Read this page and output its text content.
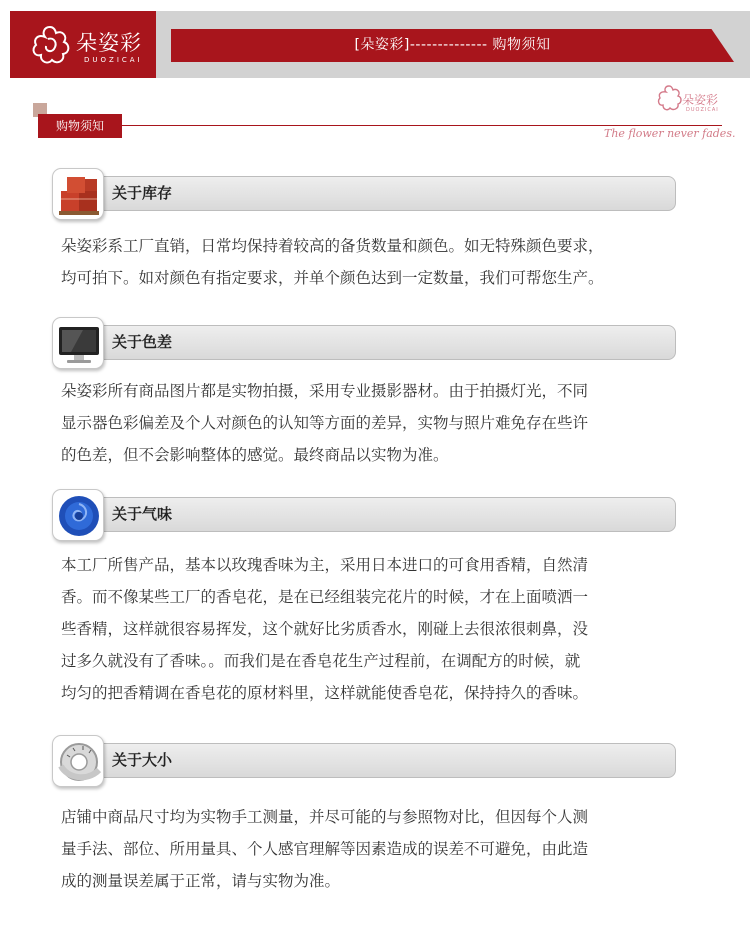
朵姿彩
DUOZICAI
[朵姿彩]-------------- 购物须知
购物须知
朵姿彩
DUOZICAI
The flower never fades.
关于库存
朵姿彩系工厂直销，日常均保持着较高的备货数量和颜色。如无特殊颜色要求，
均可拍下。如对颜色有指定要求，并单个颜色达到一定数量，我们可帮您生产。
关于色差
朵姿彩所有商品图片都是实物拍摄，采用专业摄影器材。由于拍摄灯光，不同
显示器色彩偏差及个人对颜色的认知等方面的差异，实物与照片难免存在些许
的色差，但不会影响整体的感觉。最终商品以实物为准。
关于气味
本工厂所售产品，基本以玫瑰香味为主，采用日本进口的可食用香精，自然清
香。而不像某些工厂的香皂花，是在已经组装完花片的时候，才在上面喷洒一
些香精，这样就很容易挥发，这个就好比劣质香水，刚碰上去很浓很刺鼻，没
过多久就没有了香味。。而我们是在香皂花生产过程前，在调配方的时候，就
均匀的把香精调在香皂花的原材料里，这样就能使香皂花，保持持久的香味。
关于大小
店铺中商品尺寸均为实物手工测量，并尽可能的与参照物对比，但因每个人测
量手法、部位、所用量具、个人感官理解等因素造成的误差不可避免，由此造
成的测量误差属于正常，请与实物为准。
